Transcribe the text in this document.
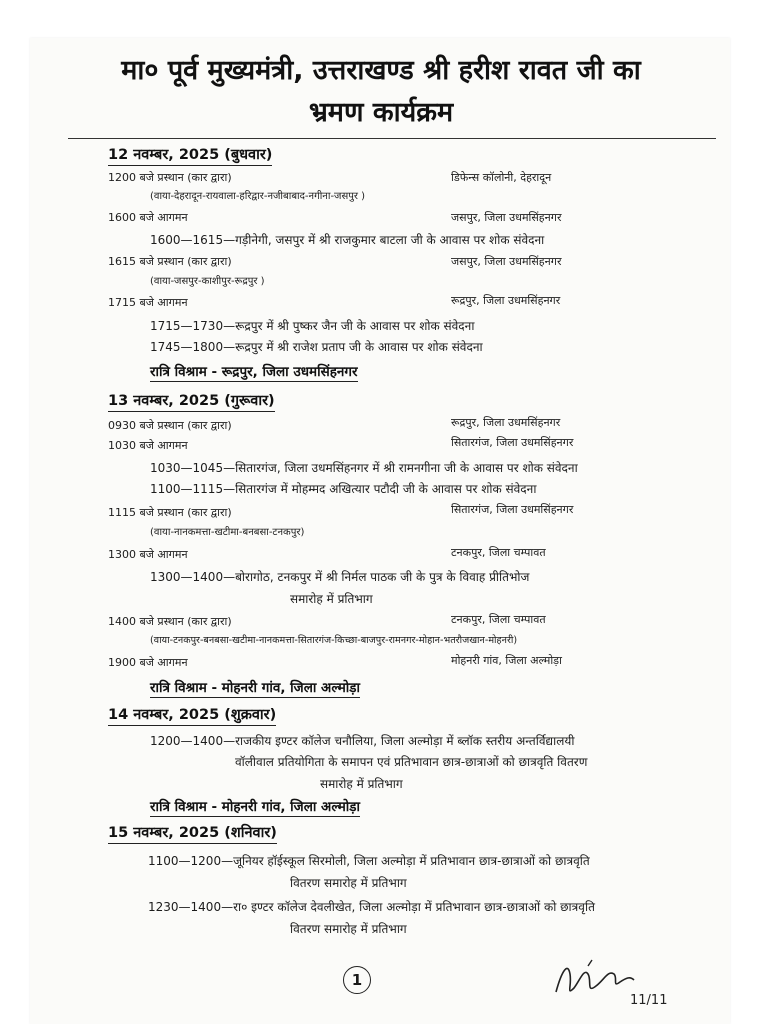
मा० पूर्व मुख्यमंत्री, उत्तराखण्ड श्री हरीश रावत जी का
भ्रमण कार्यक्रम
12 नवम्बर, 2025 (बुधवार)
1200 बजे प्रस्थान (कार द्वारा)	डिफेन्स कॉलोनी, देहरादून
(वाया-देहरादून-रायवाला-हरिद्वार-नजीबाबाद-नगीना-जसपुर )
1600 बजे आगमन	जसपुर, जिला उधमसिंहनगर
1600—1615—गड़ीनेगी, जसपुर में श्री राजकुमार बाटला जी के आवास पर शोक संवेदना
1615 बजे प्रस्थान (कार द्वारा)	जसपुर, जिला उधमसिंहनगर
(वाया-जसपुर-काशीपुर-रूद्रपुर )
1715 बजे आगमन	रूद्रपुर, जिला उधमसिंहनगर
1715—1730—रूद्रपुर में श्री पुष्कर जैन जी के आवास पर शोक संवेदना
1745—1800—रूद्रपुर में श्री राजेश प्रताप जी के आवास पर शोक संवेदना
रात्रि विश्राम - रूद्रपुर, जिला उधमसिंहनगर
13 नवम्बर, 2025 (गुरूवार)
0930 बजे प्रस्थान (कार द्वारा)	रूद्रपुर, जिला उधमसिंहनगर
1030 बजे आगमन	सितारगंज, जिला उधमसिंहनगर
1030—1045—सितारगंज, जिला उधमसिंहनगर में श्री रामनगीना जी के आवास पर शोक संवेदना
1100—1115—सितारगंज में मोहम्मद अखित्यार पटौदी जी के आवास पर शोक संवेदना
1115 बजे प्रस्थान (कार द्वारा)	सितारगंज, जिला उधमसिंहनगर
(वाया-नानकमत्ता-खटीमा-बनबसा-टनकपुर)
1300 बजे आगमन	टनकपुर, जिला चम्पावत
1300—1400—बोरागोठ, टनकपुर में श्री निर्मल पाठक जी के पुत्र के विवाह प्रीतिभोज
समारोह में प्रतिभाग
1400 बजे प्रस्थान (कार द्वारा)	टनकपुर, जिला चम्पावत
(वाया-टनकपुर-बनबसा-खटीमा-नानकमत्ता-सितारगंज-किच्छा-बाजपुर-रामनगर-मोहान-भतरौजखान-मोहनरी)
1900 बजे आगमन	मोहनरी गांव, जिला अल्मोड़ा
रात्रि विश्राम - मोहनरी गांव, जिला अल्मोड़ा
14 नवम्बर, 2025 (शुक्रवार)
1200—1400—राजकीय इण्टर कॉलेज चनौलिया, जिला अल्मोड़ा में ब्लॉक स्तरीय अन्तर्विद्यालयी
वॉलीवाल प्रतियोगिता के समापन एवं प्रतिभावान छात्र-छात्राओं को छात्रवृति वितरण
समारोह में प्रतिभाग
रात्रि विश्राम - मोहनरी गांव, जिला अल्मोड़ा
15 नवम्बर, 2025 (शनिवार)
1100—1200—जूनियर हॉईस्कूल सिरमोली, जिला अल्मोड़ा में प्रतिभावान छात्र-छात्राओं को छात्रवृति
वितरण समारोह में प्रतिभाग
1230—1400—रा० इण्टर कॉलेज देवलीखेत, जिला अल्मोड़ा में प्रतिभावान छात्र-छात्राओं को छात्रवृति
वितरण समारोह में प्रतिभाग
1
11/11
